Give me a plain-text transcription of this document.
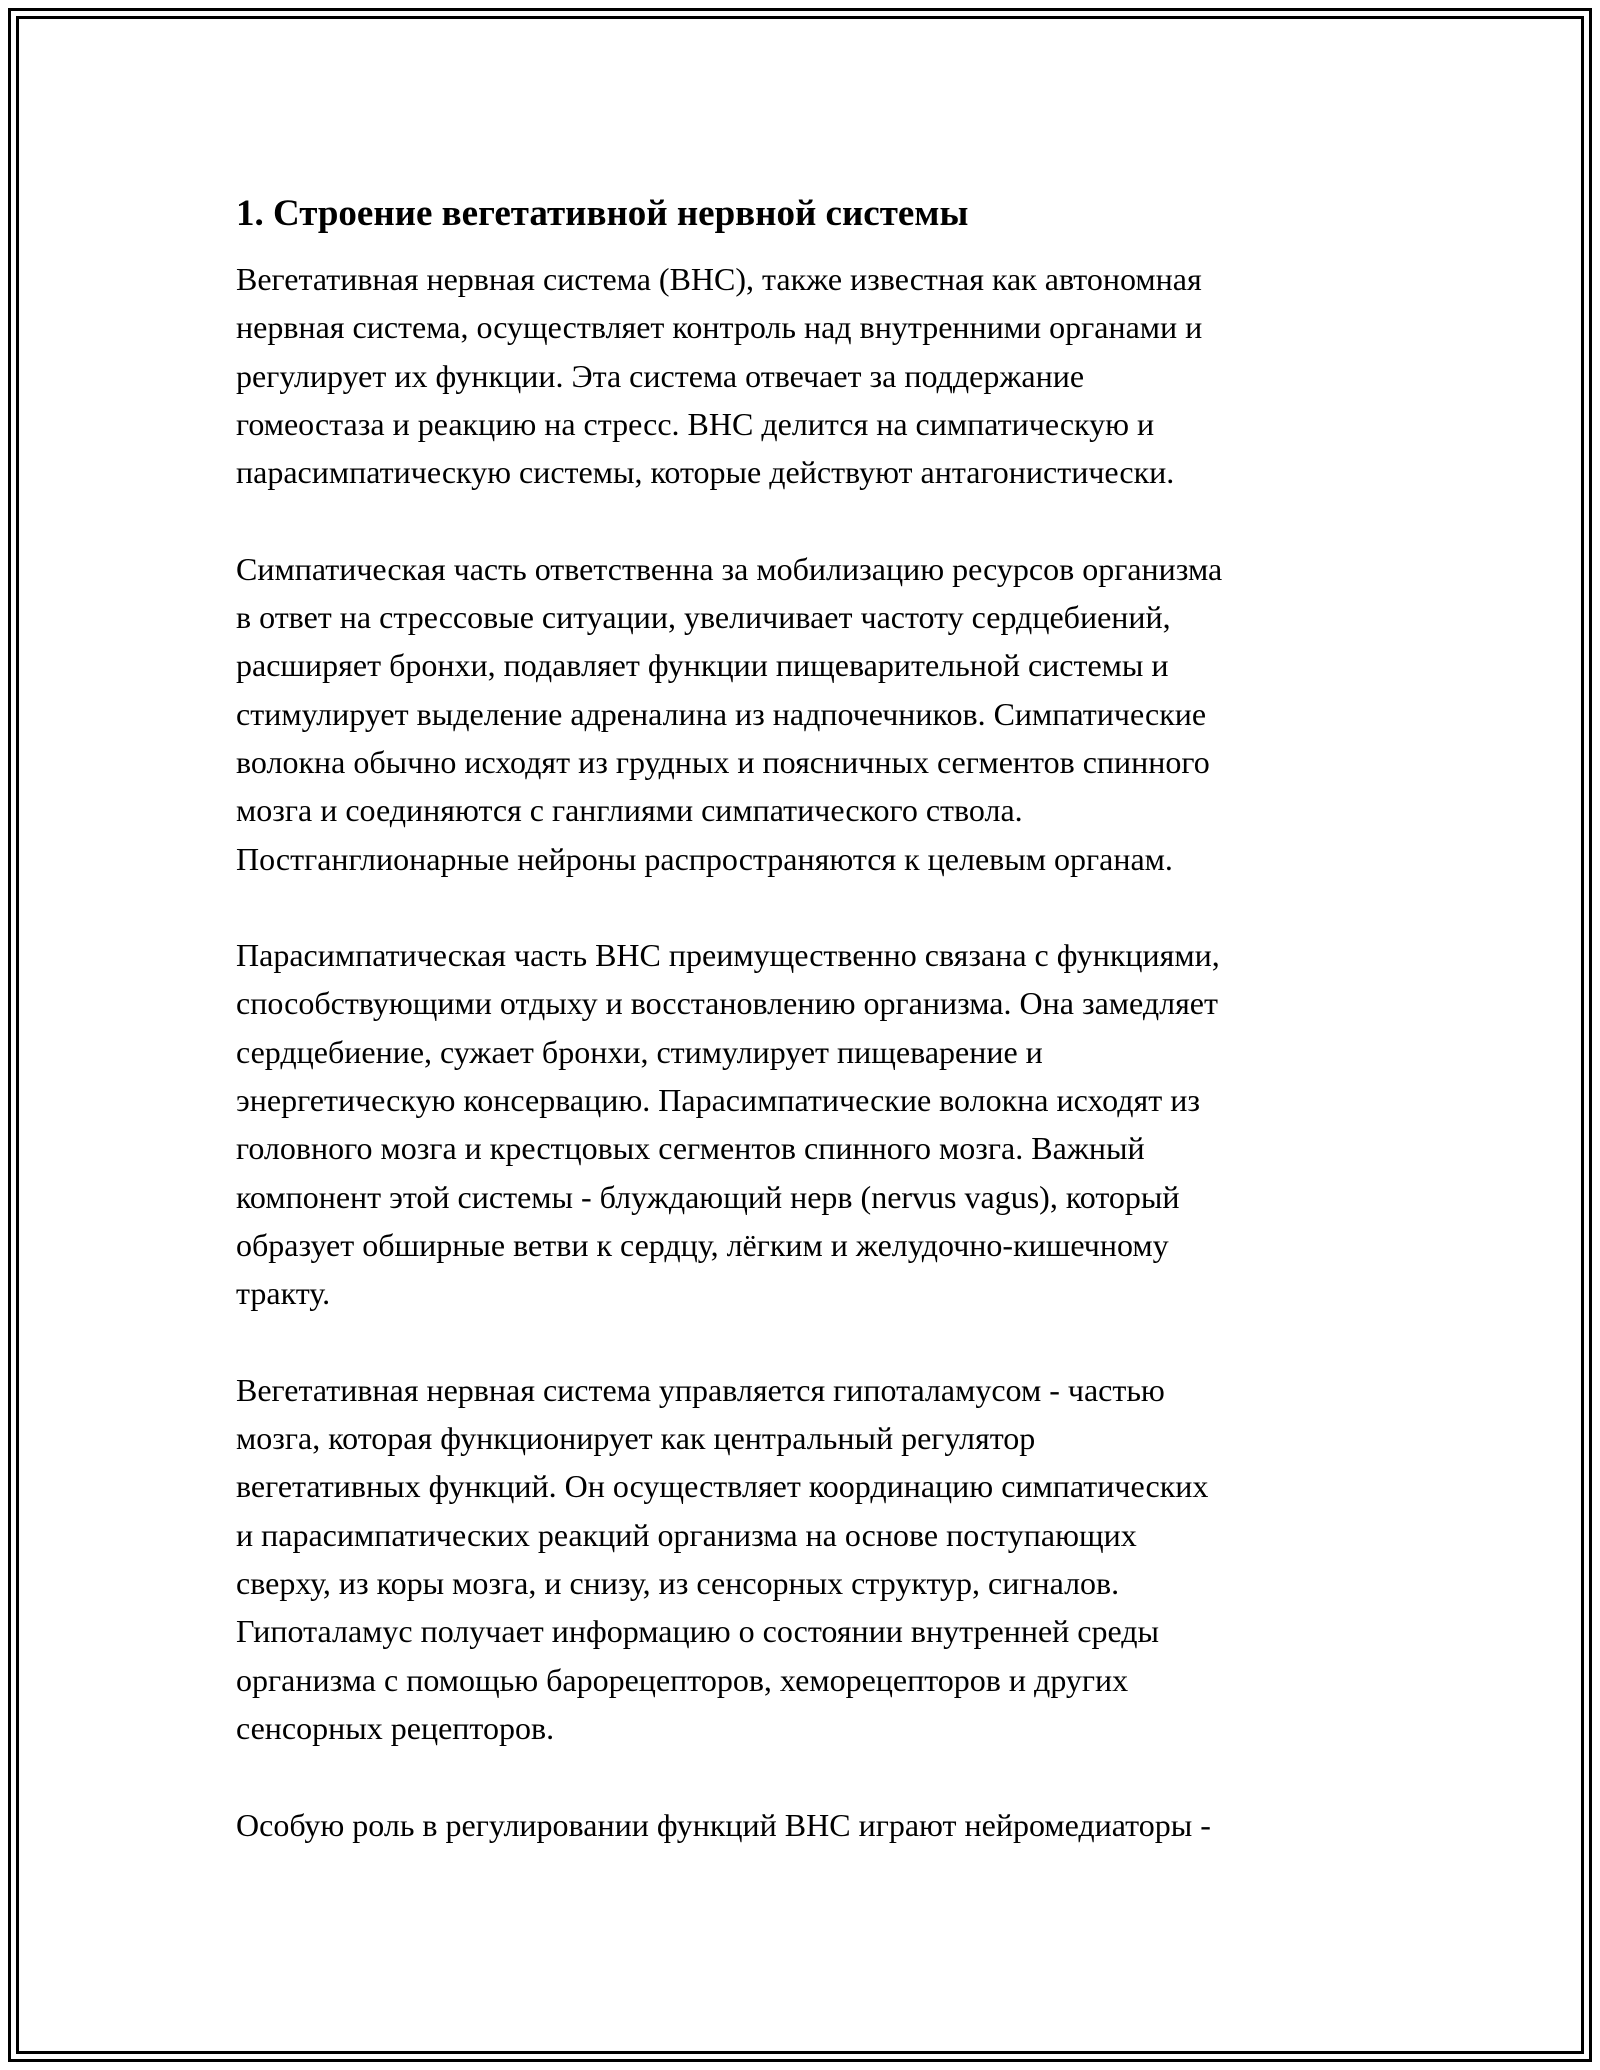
1. Строение вегетативной нервной системы

Вегетативная нервная система (ВНС), также известная как автономная
нервная система, осуществляет контроль над внутренними органами и
регулирует их функции. Эта система отвечает за поддержание
гомеостаза и реакцию на стресс. ВНС делится на симпатическую и
парасимпатическую системы, которые действуют антагонистически.

Симпатическая часть ответственна за мобилизацию ресурсов организма
в ответ на стрессовые ситуации, увеличивает частоту сердцебиений,
расширяет бронхи, подавляет функции пищеварительной системы и
стимулирует выделение адреналина из надпочечников. Симпатические
волокна обычно исходят из грудных и поясничных сегментов спинного
мозга и соединяются с ганглиями симпатического ствола.
Постганглионарные нейроны распространяются к целевым органам.

Парасимпатическая часть ВНС преимущественно связана с функциями,
способствующими отдыху и восстановлению организма. Она замедляет
сердцебиение, сужает бронхи, стимулирует пищеварение и
энергетическую консервацию. Парасимпатические волокна исходят из
головного мозга и крестцовых сегментов спинного мозга. Важный
компонент этой системы - блуждающий нерв (nervus vagus), который
образует обширные ветви к сердцу, лёгким и желудочно-кишечному
тракту.

Вегетативная нервная система управляется гипоталамусом - частью
мозга, которая функционирует как центральный регулятор
вегетативных функций. Он осуществляет координацию симпатических
и парасимпатических реакций организма на основе поступающих
сверху, из коры мозга, и снизу, из сенсорных структур, сигналов.
Гипоталамус получает информацию о состоянии внутренней среды
организма с помощью барорецепторов, хеморецепторов и других
сенсорных рецепторов.

Особую роль в регулировании функций ВНС играют нейромедиаторы -
